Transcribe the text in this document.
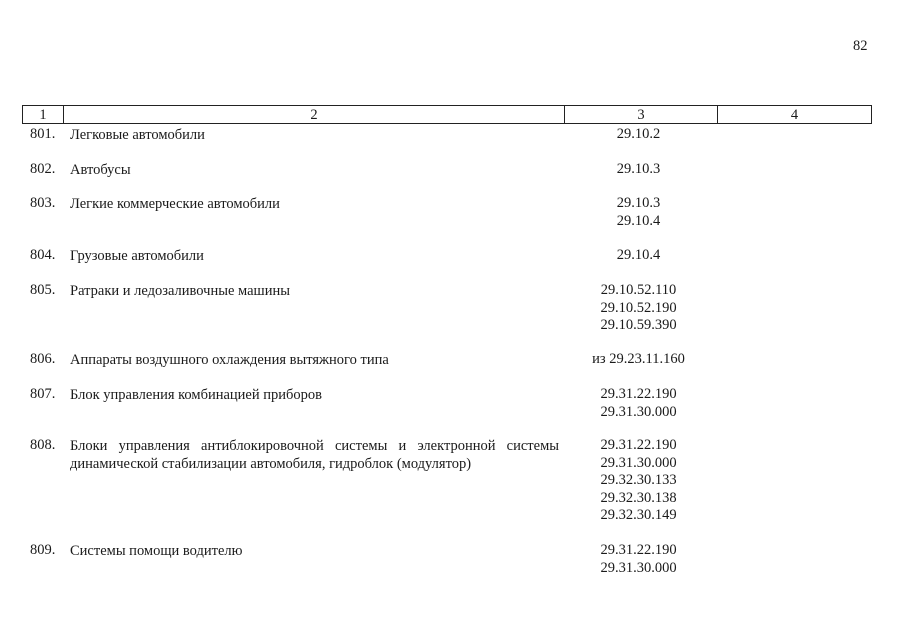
82
1	2	3	4
801. Легковые автомобили	29.10.2
802. Автобусы	29.10.3
803. Легкие коммерческие автомобили	29.10.3
29.10.4
804. Грузовые автомобили	29.10.4
805. Ратраки и ледозаливочные машины	29.10.52.110
29.10.52.190
29.10.59.390
806. Аппараты воздушного охлаждения вытяжного типа	из 29.23.11.160
807. Блок управления комбинацией приборов	29.31.22.190
29.31.30.000
808. Блоки управления антиблокировочной системы и электронной системы динамической стабилизации автомобиля, гидроблок (модулятор)
29.31.22.190
29.31.30.000
29.32.30.133
29.32.30.138
29.32.30.149
809. Системы помощи водителю	29.31.22.190
29.31.30.000
